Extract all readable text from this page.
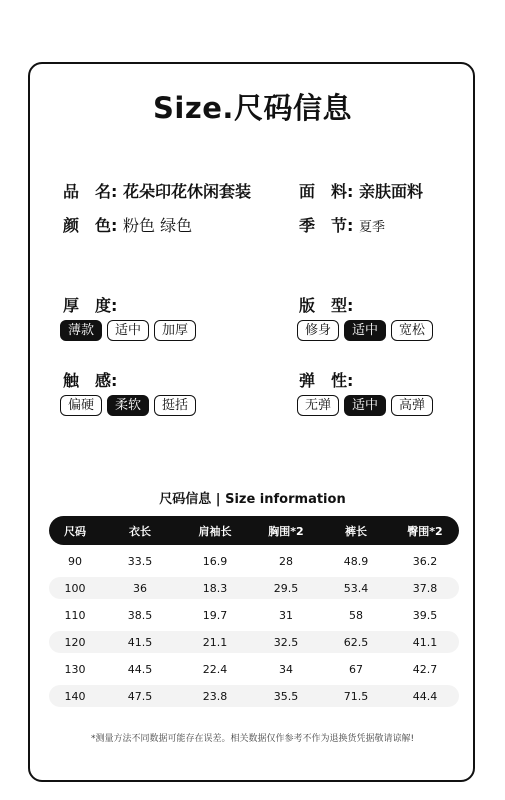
Size.尺码信息
品　名: 花朵印花休闲套装	面　料: 亲肤面料
颜　色: 粉色 绿色	季　节: 夏季
厚　度:
薄款	适中	加厚
版　型:
修身	适中	宽松
触　感:
偏硬	柔软	挺括
弹　性:
无弹	适中	高弹
尺码信息 | Size information
尺码	衣长	肩袖长	胸围*2	裤长	臀围*2
90	33.5	16.9	28	48.9	36.2
100	36	18.3	29.5	53.4	37.8
110	38.5	19.7	31	58	39.5
120	41.5	21.1	32.5	62.5	41.1
130	44.5	22.4	34	67	42.7
140	47.5	23.8	35.5	71.5	44.4
*测量方法不同数据可能存在误差。相关数据仅作参考不作为退换货凭据敬请谅解!
